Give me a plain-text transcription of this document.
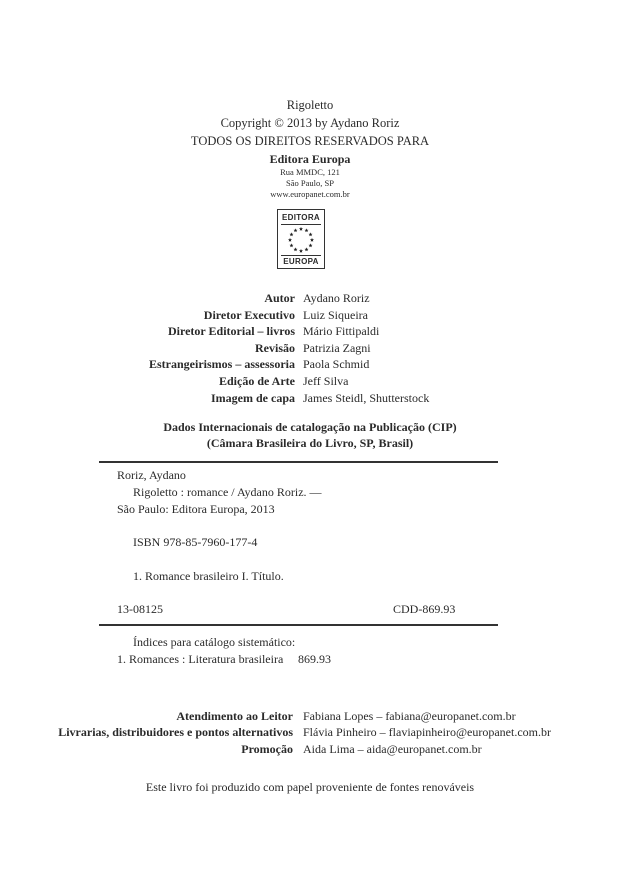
Rigoletto
Copyright © 2013 by Aydano Roriz
TODOS OS DIREITOS RESERVADOS PARA
Editora Europa
Rua MMDC, 121
São Paulo, SP
www.europanet.com.br
EDITORA
EUROPA
Autor Aydano Roriz
Diretor Executivo Luiz Siqueira
Diretor Editorial – livros Mário Fittipaldi
Revisão Patrizia Zagni
Estrangeirismos – assessoria Paola Schmid
Edição de Arte Jeff Silva
Imagem de capa James Steidl, Shutterstock
Dados Internacionais de catalogação na Publicação (CIP)
(Câmara Brasileira do Livro, SP, Brasil)
Roriz, Aydano
Rigoletto : romance / Aydano Roriz. —
São Paulo: Editora Europa, 2013
ISBN 978-85-7960-177-4
1. Romance brasileiro I. Título.
13-08125	CDD-869.93
Índices para catálogo sistemático:
1. Romances : Literatura brasileira 869.93
Atendimento ao Leitor Fabiana Lopes – fabiana@europanet.com.br
Livrarias, distribuidores e pontos alternativos Flávia Pinheiro – flaviapinheiro@europanet.com.br
Promoção Aida Lima – aida@europanet.com.br
Este livro foi produzido com papel proveniente de fontes renováveis
